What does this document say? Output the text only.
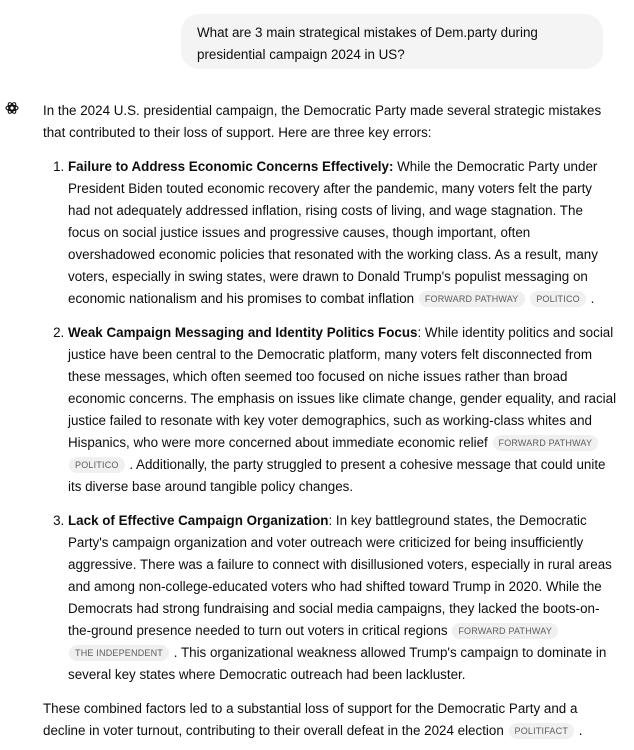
What are 3 main strategical mistakes of Dem.party during presidential campaign 2024 in US?

In the 2024 U.S. presidential campaign, the Democratic Party made several strategic mistakes that contributed to their loss of support. Here are three key errors:

1. Failure to Address Economic Concerns Effectively: While the Democratic Party under President Biden touted economic recovery after the pandemic, many voters felt the party had not adequately addressed inflation, rising costs of living, and wage stagnation. The focus on social justice issues and progressive causes, though important, often overshadowed economic policies that resonated with the working class. As a result, many voters, especially in swing states, were drawn to Donald Trump's populist messaging on economic nationalism and his promises to combat inflation FORWARD PATHWAY POLITICO .
2. Weak Campaign Messaging and Identity Politics Focus: While identity politics and social justice have been central to the Democratic platform, many voters felt disconnected from these messages, which often seemed too focused on niche issues rather than broad economic concerns. The emphasis on issues like climate change, gender equality, and racial justice failed to resonate with key voter demographics, such as working-class whites and Hispanics, who were more concerned about immediate economic relief FORWARD PATHWAY POLITICO . Additionally, the party struggled to present a cohesive message that could unite its diverse base around tangible policy changes.
3. Lack of Effective Campaign Organization: In key battleground states, the Democratic Party's campaign organization and voter outreach were criticized for being insufficiently aggressive. There was a failure to connect with disillusioned voters, especially in rural areas and among non-college-educated voters who had shifted toward Trump in 2020. While the Democrats had strong fundraising and social media campaigns, they lacked the boots-on-the-ground presence needed to turn out voters in critical regions FORWARD PATHWAY THE INDEPENDENT . This organizational weakness allowed Trump's campaign to dominate in several key states where Democratic outreach had been lackluster.

These combined factors led to a substantial loss of support for the Democratic Party and a decline in voter turnout, contributing to their overall defeat in the 2024 election POLITIFACT .
